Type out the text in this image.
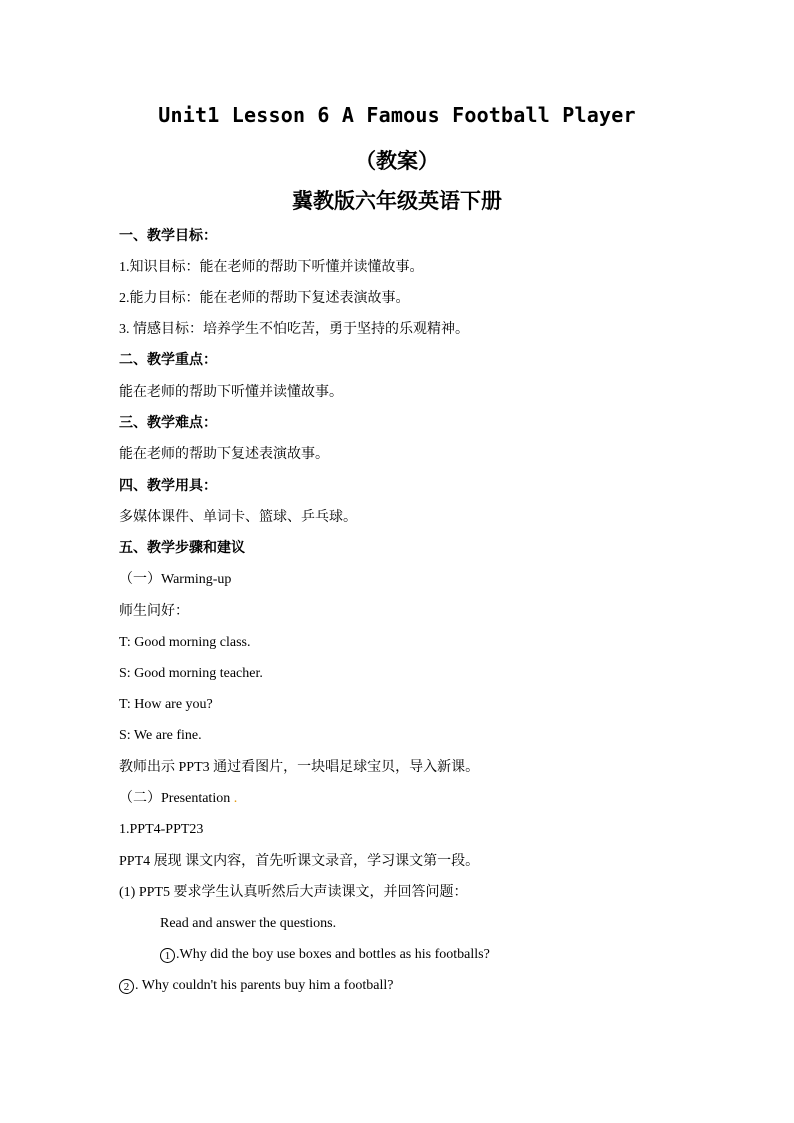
Unit1 Lesson 6 A Famous Football Player
（教案）
冀教版六年级英语下册
一、教学目标：
1.知识目标：能在老师的帮助下听懂并读懂故事。
2.能力目标：能在老师的帮助下复述表演故事。
3. 情感目标：培养学生不怕吃苦，勇于坚持的乐观精神。
二、教学重点：
能在老师的帮助下听懂并读懂故事。
三、教学难点：
能在老师的帮助下复述表演故事。
四、教学用具：
多媒体课件、单词卡、篮球、乒乓球。
五、教学步骤和建议
（一）Warming-up
师生问好：
T: Good morning class.
S: Good morning teacher.
T: How are you?
S: We are fine.
教师出示 PPT3 通过看图片，一块唱足球宝贝，导入新课。
（二）Presentation .
1.PPT4-PPT23
PPT4 展现 课文内容，首先听课文录音，学习课文第一段。
(1) PPT5 要求学生认真听然后大声读课文，并回答问题：
Read and answer the questions.
1 .Why did the boy use boxes and bottles as his footballs?
2 . Why couldn't his parents buy him a football?
